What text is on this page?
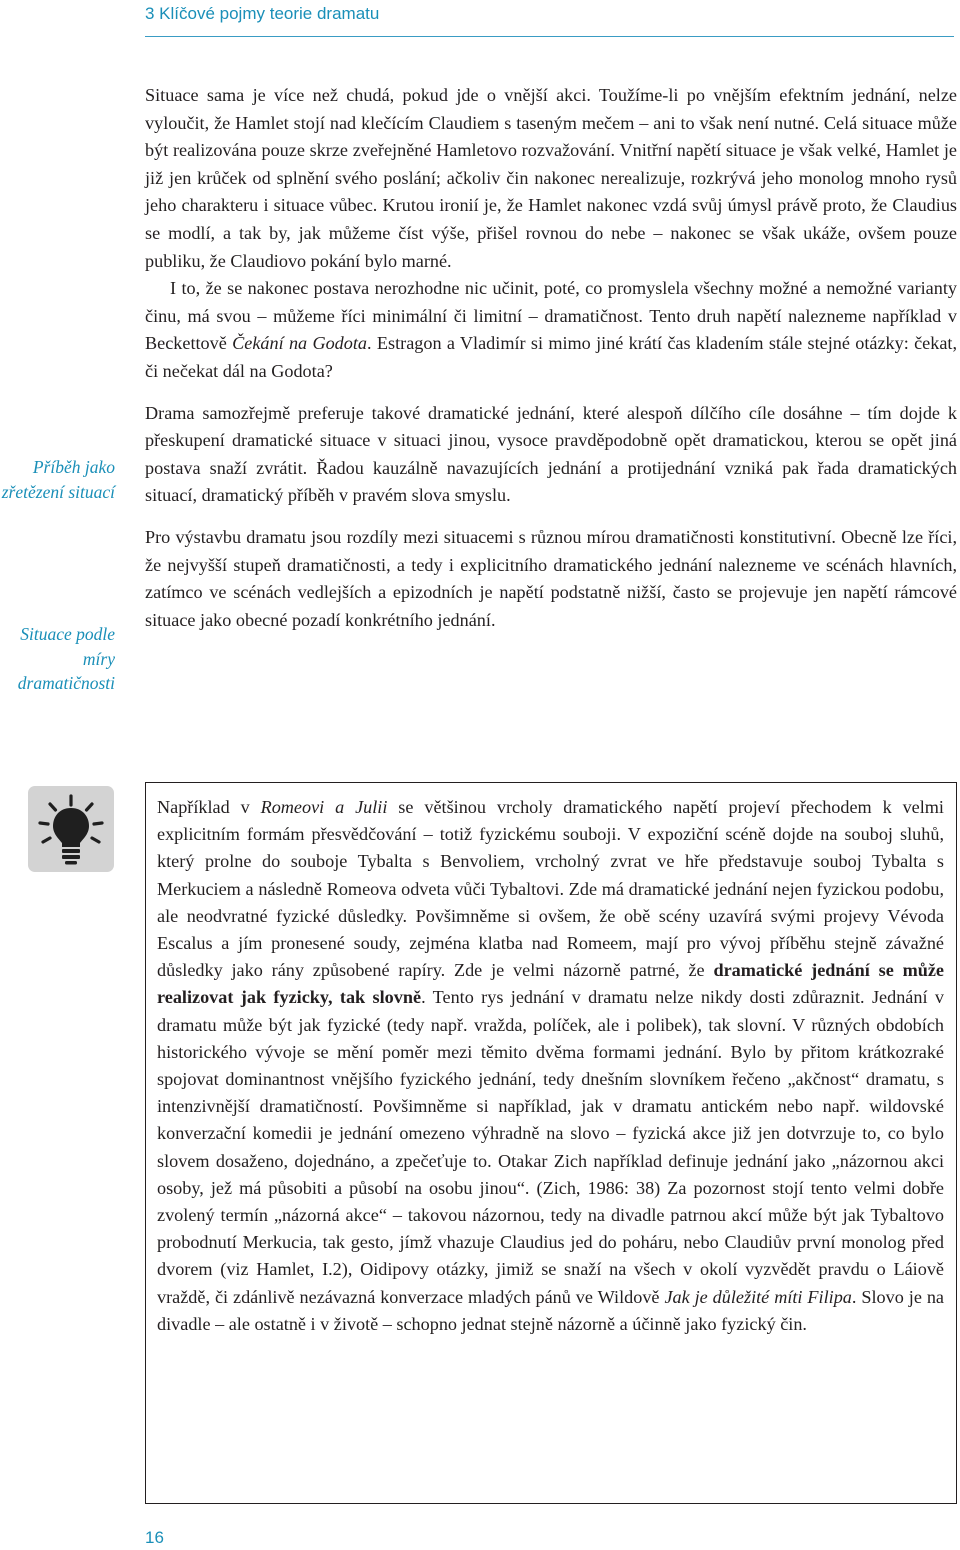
3 Klíčové pojmy teorie dramatu
Příběh jako zřetězení situací
Situace podle míry dramatičnosti

Situace sama je více než chudá, pokud jde o vnější akci. Toužíme-li po vnějším efektním jednání, nelze vyloučit, že Hamlet stojí nad klečícím Claudiem s taseným mečem – ani to však není nutné. Celá situace může být realizována pouze skrze zveřejněné Hamletovo rozvažování. Vnitřní napětí situace je však velké, Hamlet je již jen krůček od splnění svého poslání; ačkoliv čin nakonec nerealizuje, rozkrývá jeho monolog mnoho rysů jeho charakteru i situace vůbec. Krutou ironií je, že Hamlet nakonec vzdá svůj úmysl právě proto, že Claudius se modlí, a tak by, jak můžeme číst výše, přišel rovnou do nebe – nakonec se však ukáže, ovšem pouze publiku, že Claudiovo pokání bylo marné.

I to, že se nakonec postava nerozhodne nic učinit, poté, co promyslela všechny možné a nemožné varianty činu, má svou – můžeme říci minimální či limitní – dramatičnost. Tento druh napětí nalezneme například v Beckettově Čekání na Godota. Estragon a Vladimír si mimo jiné krátí čas kladením stále stejné otázky: čekat, či nečekat dál na Godota?

Drama samozřejmě preferuje takové dramatické jednání, které alespoň dílčího cíle dosáhne – tím dojde k přeskupení dramatické situace v situaci jinou, vysoce pravděpodobně opět dramatickou, kterou se opět jiná postava snaží zvrátit. Řadou kauzálně navazujících jednání a protijednání vzniká pak řada dramatických situací, dramatický příběh v pravém slova smyslu.

Pro výstavbu dramatu jsou rozdíly mezi situacemi s různou mírou dramatičnosti konstitutivní. Obecně lze říci, že nejvyšší stupeň dramatičnosti, a tedy i explicitního dramatického jednání nalezneme ve scénách hlavních, zatímco ve scénách vedlejších a epizodních je napětí podstatně nižší, často se projevuje jen napětí rámcové situace jako obecné pozadí konkrétního jednání.

Například v Romeovi a Julii se většinou vrcholy dramatického napětí projeví přechodem k velmi explicitním formám přesvědčování – totiž fyzickému souboji. V expoziční scéně dojde na souboj sluhů, který prolne do souboje Tybalta s Benvoliem, vrcholný zvrat ve hře představuje souboj Tybalta s Merkuciem a následně Romeova odveta vůči Tybaltovi. Zde má dramatické jednání nejen fyzickou podobu, ale neodvratné fyzické důsledky. Povšimněme si ovšem, že obě scény uzavírá svými projevy Vévoda Escalus a jím pronesené soudy, zejména klatba nad Romeem, mají pro vývoj příběhu stejně závažné důsledky jako rány způsobené rapíry. Zde je velmi názorně patrné, že dramatické jednání se může realizovat jak fyzicky, tak slovně. Tento rys jednání v dramatu nelze nikdy dosti zdůraznit. Jednání v dramatu může být jak fyzické (tedy např. vražda, políček, ale i polibek), tak slovní. V různých obdobích historického vývoje se mění poměr mezi těmito dvěma formami jednání. Bylo by přitom krátkozraké spojovat dominantnost vnějšího fyzického jednání, tedy dnešním slovníkem řečeno „akčnost“ dramatu, s intenzivnější dramatičností. Povšimněme si například, jak v dramatu antickém nebo např. wildovské konverzační komedii je jednání omezeno výhradně na slovo – fyzická akce již jen dotvrzuje to, co bylo slovem dosaženo, dojednáno, a zpečeťuje to. Otakar Zich například definuje jednání jako „názornou akci osoby, jež má působiti a působí na osobu jinou“. (Zich, 1986: 38) Za pozornost stojí tento velmi dobře zvolený termín „názorná akce“ – takovou názornou, tedy na divadle patrnou akcí může být jak Tybaltovo probodnutí Merkucia, tak gesto, jímž vhazuje Claudius jed do poháru, nebo Claudiův první monolog před dvorem (viz Hamlet, I.2), Oidipovy otázky, jimiž se snaží na všech v okolí vyzvědět pravdu o Láiově vraždě, či zdánlivě nezávazná konverzace mladých pánů ve Wildově Jak je důležité míti Filipa. Slovo je na divadle – ale ostatně i v životě – schopno jednat stejně názorně a účinně jako fyzický čin.

16
